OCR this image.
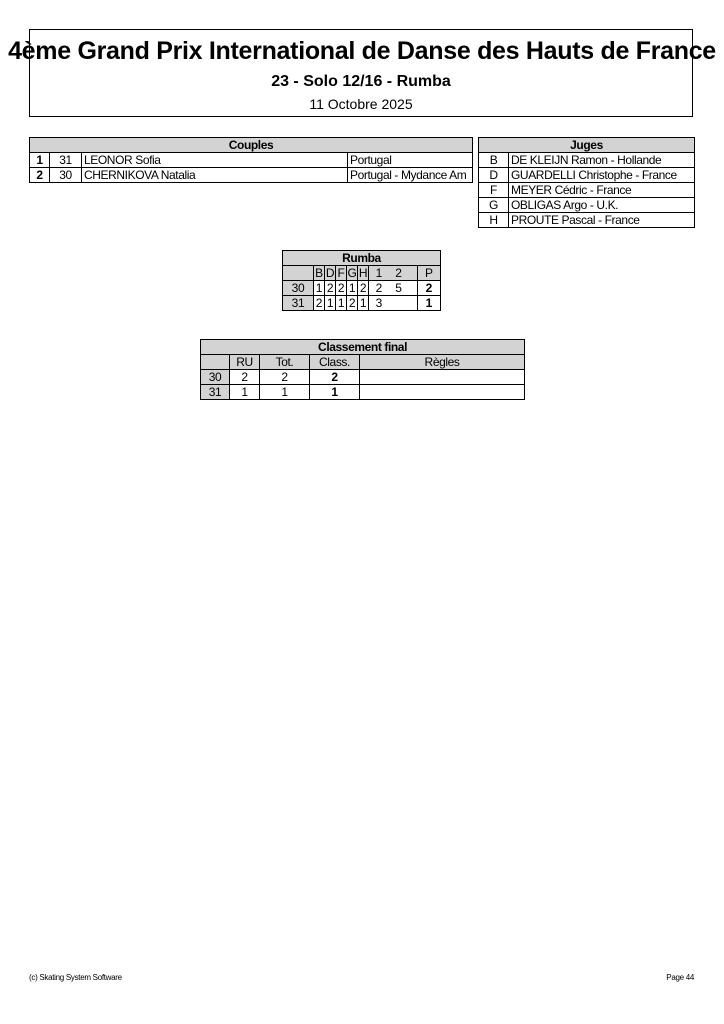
4ème Grand Prix International de Danse des Hauts de France
23 - Solo 12/16 - Rumba
11 Octobre 2025
Couples			
1	31	LEONOR Sofia	Portugal
2	30	CHERNIKOVA Natalia	Portugal - Mydance Am
Juges	
B	DE KLEIJN Ramon - Hollande
D	GUARDELLI Christophe - France
F	MEYER Cédric - France
G	OBLIGAS Argo - U.K.
H	PROUTE Pascal - France
Rumba									
	B	D	F	G	H	1	2		P
30	1	2	2	1	2	2	5		2
31	2	1	1	2	1	3			1
Classement final				
	RU	Tot.	Class.	Règles
30	2	2	2	
31	1	1	1	
(c) Skating System Software	Page 44
